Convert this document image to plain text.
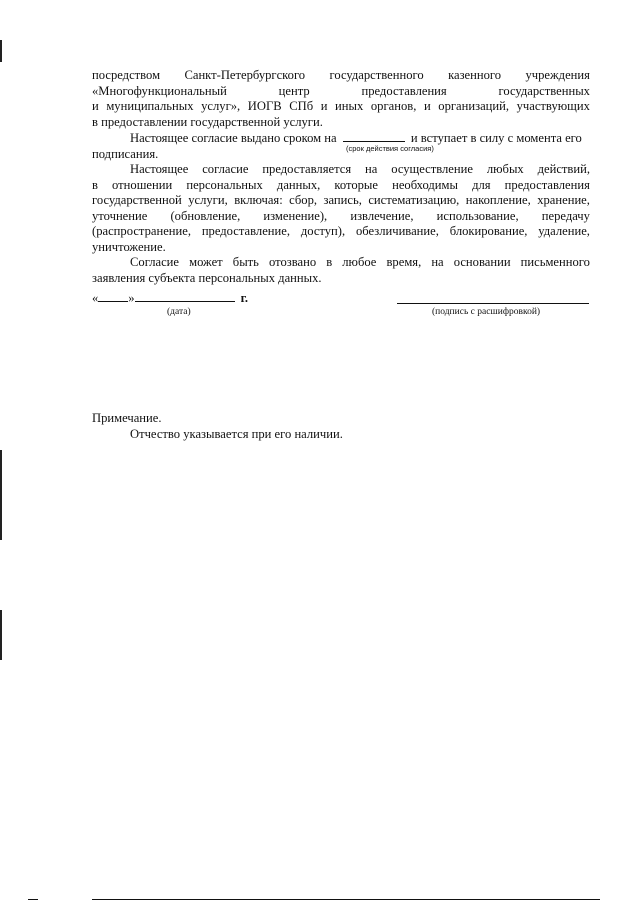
посредством Санкт-Петербургского государственного казенного учреждения
«Многофункциональный	центр	предоставления	государственных
и муниципальных услуг», ИОГВ СПб и иных органов, и организаций, участвующих
в предоставлении государственной услуги.
Настоящее согласие выдано сроком на	и вступает в силу с момента его
(срок действия согласия)
подписания.
Настоящее согласие предоставляется на осуществление любых действий,
в отношении персональных данных, которые необходимы для предоставления
государственной услуги, включая: сбор, запись, систематизацию, накопление, хранение,
уточнение (обновление, изменение), извлечение, использование, передачу
(распространение, предоставление, доступ), обезличивание, блокирование, удаление,
уничтожение.
Согласие может быть отозвано в любое время, на основании письменного
заявления субъекта персональных данных.
« »	г.
(дата)	(подпись с расшифровкой)
Примечание.
Отчество указывается при его наличии.
